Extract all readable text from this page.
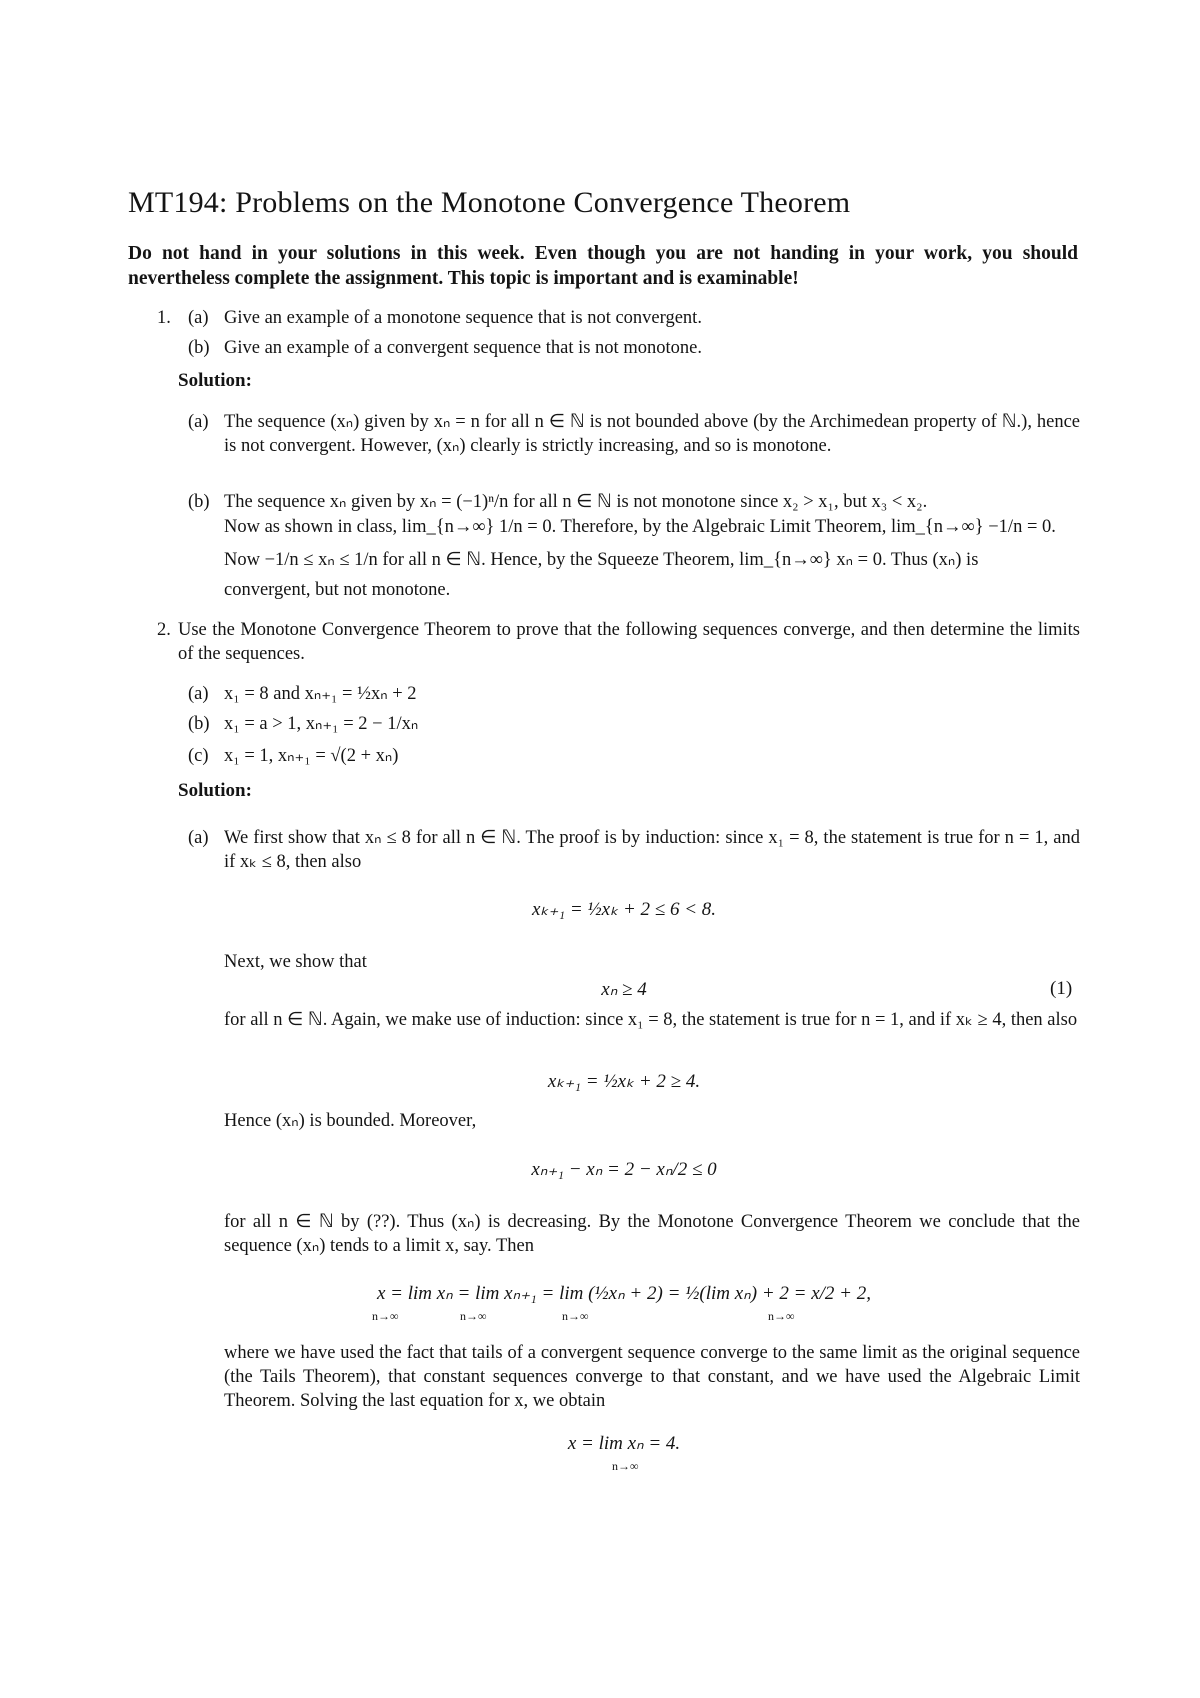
MT194: Problems on the Monotone Convergence Theorem
Do not hand in your solutions in this week. Even though you are not handing in your work, you should nevertheless complete the assignment. This topic is important and is examinable!
1. (a) Give an example of a monotone sequence that is not convergent.
(b) Give an example of a convergent sequence that is not monotone.
Solution:
(a) The sequence (xₙ) given by xₙ = n for all n ∈ ℕ is not bounded above (by the Archimedean property of ℕ.), hence is not convergent. However, (xₙ) clearly is strictly increasing, and so is monotone.
(b) The sequence xₙ given by xₙ = (−1)ⁿ/n for all n ∈ ℕ is not monotone since x₂ > x₁, but x₃ < x₂.
Now as shown in class, lim_{n→∞} 1/n = 0. Therefore, by the Algebraic Limit Theorem, lim_{n→∞} −1/n = 0.
Now −1/n ≤ xₙ ≤ 1/n for all n ∈ ℕ. Hence, by the Squeeze Theorem, lim_{n→∞} xₙ = 0. Thus (xₙ) is
convergent, but not monotone.
2. Use the Monotone Convergence Theorem to prove that the following sequences converge, and then determine the limits of the sequences.
(a) x₁ = 8 and xₙ₊₁ = ½xₙ + 2
(b) x₁ = a > 1, xₙ₊₁ = 2 − 1/xₙ
(c) x₁ = 1, xₙ₊₁ = √(2 + xₙ)
Solution:
(a) We first show that xₙ ≤ 8 for all n ∈ ℕ. The proof is by induction: since x₁ = 8, the statement is true for n = 1, and if xₖ ≤ 8, then also
xₖ₊₁ = ½xₖ + 2 ≤ 6 < 8.
Next, we show that
xₙ ≥ 4	(1)
for all n ∈ ℕ. Again, we make use of induction: since x₁ = 8, the statement is true for n = 1, and if xₖ ≥ 4, then also
xₖ₊₁ = ½xₖ + 2 ≥ 4.
Hence (xₙ) is bounded. Moreover,
xₙ₊₁ − xₙ = 2 − xₙ/2 ≤ 0
for all n ∈ ℕ by (??). Thus (xₙ) is decreasing. By the Monotone Convergence Theorem we conclude that the sequence (xₙ) tends to a limit x, say. Then
x = lim xₙ = lim xₙ₊₁ = lim (½xₙ + 2) = ½(lim xₙ) + 2 = x/2 + 2,
n→∞	n→∞	n→∞	n→∞
where we have used the fact that tails of a convergent sequence converge to the same limit as the original sequence (the Tails Theorem), that constant sequences converge to that constant, and we have used the Algebraic Limit Theorem. Solving the last equation for x, we obtain
x = lim xₙ = 4.
n→∞
